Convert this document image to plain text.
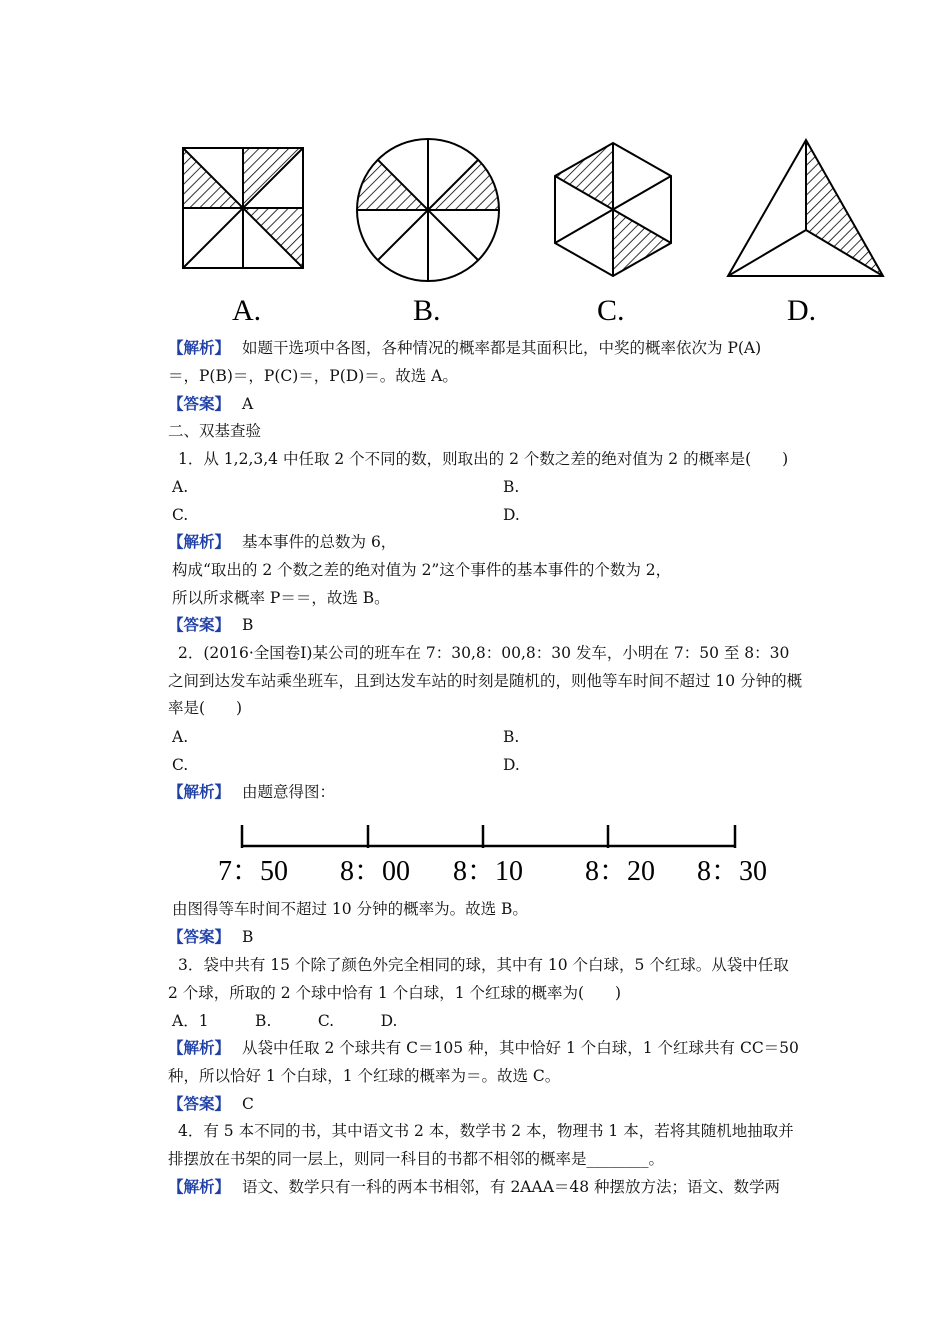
A.	B.	C.	D.
【解析】 如题干选项中各图，各种情况的概率都是其面积比，中奖的概率依次为 P(A)
＝，P(B)＝，P(C)＝，P(D)＝。故选 A。
【答案】 A
二、双基查验
1．从 1,2,3,4 中任取 2 个不同的数，则取出的 2 个数之差的绝对值为 2 的概率是(　　)
A.	B.
C.	D.
【解析】 基本事件的总数为 6，
构成“取出的 2 个数之差的绝对值为 2”这个事件的基本事件的个数为 2，
所以所求概率 P＝＝，故选 B。
【答案】 B
2．(2016·全国卷Ⅰ)某公司的班车在 7：30,8：00,8：30 发车，小明在 7：50 至 8：30
之间到达发车站乘坐班车，且到达发车站的时刻是随机的，则他等车时间不超过 10 分钟的概
率是(　　)
A.	B.
C.	D.
【解析】 由题意得图：
7：50 8：00 8：10 8：20 8：30
由图得等车时间不超过 10 分钟的概率为。故选 B。
【答案】 B
3．袋中共有 15 个除了颜色外完全相同的球，其中有 10 个白球，5 个红球。从袋中任取
2 个球，所取的 2 个球中恰有 1 个白球，1 个红球的概率为(　　)
A．1　　　B.　　　C.　　　D.
【解析】 从袋中任取 2 个球共有 C＝105 种，其中恰好 1 个白球，1 个红球共有 CC＝50
种，所以恰好 1 个白球，1 个红球的概率为＝。故选 C。
【答案】 C
4．有 5 本不同的书，其中语文书 2 本，数学书 2 本，物理书 1 本，若将其随机地抽取并
排摆放在书架的同一层上，则同一科目的书都不相邻的概率是________。
【解析】 语文、数学只有一科的两本书相邻，有 2AAA＝48 种摆放方法；语文、数学两
